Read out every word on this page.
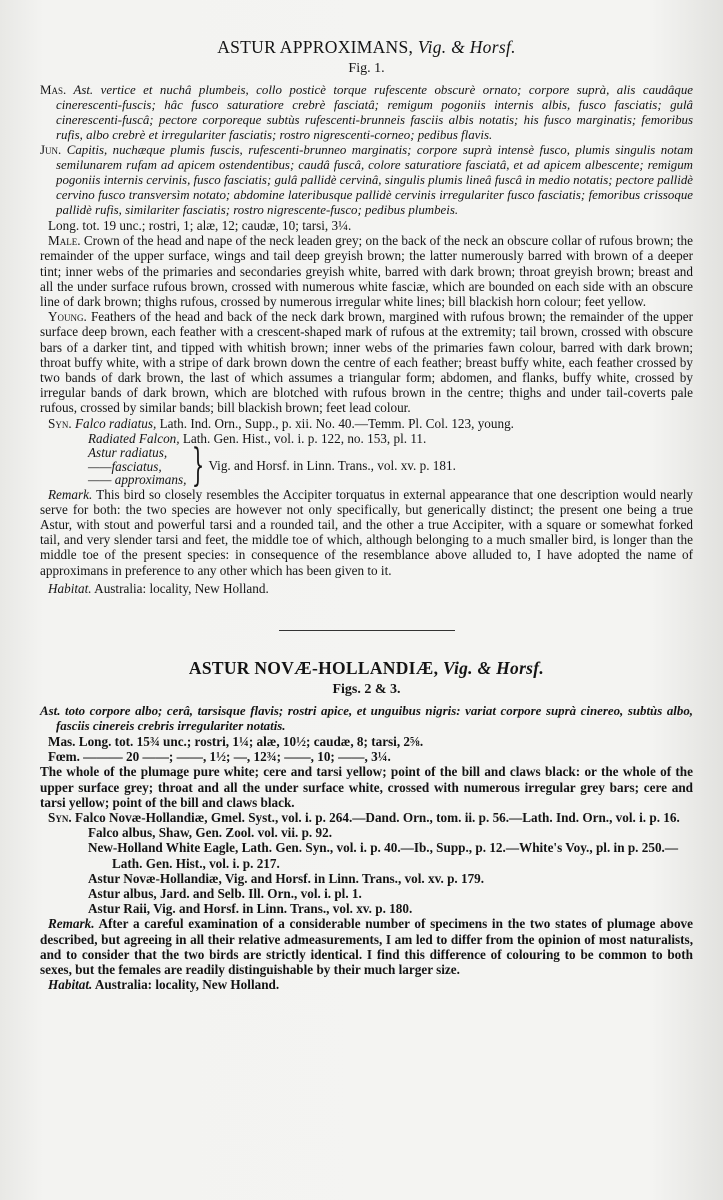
ASTUR APPROXIMANS, Vig. & Horsf.
Fig. 1.

Mas. Ast. vertice et nuchâ plumbeis, collo posticè torque rufescente obscurè ornato; corpore suprà, alis caudâque cinerescenti-fuscis; hâc fusco saturatiore crebrè fasciatâ; remigum pogoniis internis albis, fusco fasciatis; gulâ cinerescenti-fuscâ; pectore corporeque subtùs rufescenti-brunneis fasciis albis notatis; his fusco marginatis; femoribus rufis, albo crebrè et irregulariter fasciatis; rostro nigrescenti-corneo; pedibus flavis.

Jun. Capitis, nuchæque plumis fuscis, rufescenti-brunneo marginatis; corpore suprà intensè fusco, plumis singulis notam semilunarem rufam ad apicem ostendentibus; caudâ fuscâ, colore saturatiore fasciatâ, et ad apicem albescente; remigum pogoniis internis cervinis, fusco fasciatis; gulâ pallidè cervinâ, singulis plumis lineâ fuscâ in medio notatis; pectore pallidè cervino fusco transversìm notato; abdomine lateribusque pallidè cervinis irregulariter fusco fasciatis; femoribus crissoque pallidè rufis, similariter fasciatis; rostro nigrescente-fusco; pedibus plumbeis.

Long. tot. 19 unc.; rostri, 1; alæ, 12; caudæ, 10; tarsi, 3¼.

Male. Crown of the head and nape of the neck leaden grey; on the back of the neck an obscure collar of rufous brown; the remainder of the upper surface, wings and tail deep greyish brown; the latter numerously barred with brown of a deeper tint; inner webs of the primaries and secondaries greyish white, barred with dark brown; throat greyish brown; breast and all the under surface rufous brown, crossed with numerous white fasciæ, which are bounded on each side with an obscure line of dark brown; thighs rufous, crossed by numerous irregular white lines; bill blackish horn colour; feet yellow.

Young. Feathers of the head and back of the neck dark brown, margined with rufous brown; the remainder of the upper surface deep brown, each feather with a crescent-shaped mark of rufous at the extremity; tail brown, crossed with obscure bars of a darker tint, and tipped with whitish brown; inner webs of the primaries fawn colour, barred with dark brown; throat buffy white, with a stripe of dark brown down the centre of each feather; breast buffy white, each feather crossed by two bands of dark brown, the last of which assumes a triangular form; abdomen, and flanks, buffy white, crossed by irregular bands of dark brown, which are blotched with rufous brown in the centre; thighs and under tail-coverts pale rufous, crossed by similar bands; bill blackish brown; feet lead colour.

Syn. Falco radiatus, Lath. Ind. Orn., Supp., p. xii. No. 40.—Temm. Pl. Col. 123, young.

Radiated Falcon, Lath. Gen. Hist., vol. i. p. 122, no. 153, pl. 11.

Astur radiatus,
——fasciatus,
—— approximans, } Vig. and Horsf. in Linn. Trans., vol. xv. p. 181.

Remark. This bird so closely resembles the Accipiter torquatus in external appearance that one description would nearly serve for both: the two species are however not only specifically, but generically distinct; the present one being a true Astur, with stout and powerful tarsi and a rounded tail, and the other a true Accipiter, with a square or somewhat forked tail, and very slender tarsi and feet, the middle toe of which, although belonging to a much smaller bird, is longer than the middle toe of the present species: in consequence of the resemblance above alluded to, I have adopted the name of approximans in preference to any other which has been given to it.

Habitat. Australia: locality, New Holland.

ASTUR NOVÆ-HOLLANDIÆ, Vig. & Horsf.
Figs. 2 & 3.

Ast. toto corpore albo; cerâ, tarsisque flavis; rostri apice, et unguibus nigris: variat corpore suprà cinereo, subtùs albo, fasciis cinereis crebris irregulariter notatis.

Mas. Long. tot. 15¾ unc.; rostri, 1¼; alæ, 10½; caudæ, 8; tarsi, 2⅝.

Fœm. ——— 20 ——; ——, 1½; —, 12¾; ——, 10; ——, 3¼.

The whole of the plumage pure white; cere and tarsi yellow; point of the bill and claws black: or the whole of the upper surface grey; throat and all the under surface white, crossed with numerous irregular grey bars; cere and tarsi yellow; point of the bill and claws black.

Syn. Falco Novæ-Hollandiæ, Gmel. Syst., vol. i. p. 264.—Dand. Orn., tom. ii. p. 56.—Lath. Ind. Orn., vol. i. p. 16.

Falco albus, Shaw, Gen. Zool. vol. vii. p. 92.

New-Holland White Eagle, Lath. Gen. Syn., vol. i. p. 40.—Ib., Supp., p. 12.—White's Voy., pl. in p. 250.—Lath. Gen. Hist., vol. i. p. 217.

Astur Novæ-Hollandiæ, Vig. and Horsf. in Linn. Trans., vol. xv. p. 179.

Astur albus, Jard. and Selb. Ill. Orn., vol. i. pl. 1.

Astur Raii, Vig. and Horsf. in Linn. Trans., vol. xv. p. 180.

Remark. After a careful examination of a considerable number of specimens in the two states of plumage above described, but agreeing in all their relative admeasurements, I am led to differ from the opinion of most naturalists, and to consider that the two birds are strictly identical. I find this difference of colouring to be common to both sexes, but the females are readily distinguishable by their much larger size.

Habitat. Australia: locality, New Holland.
